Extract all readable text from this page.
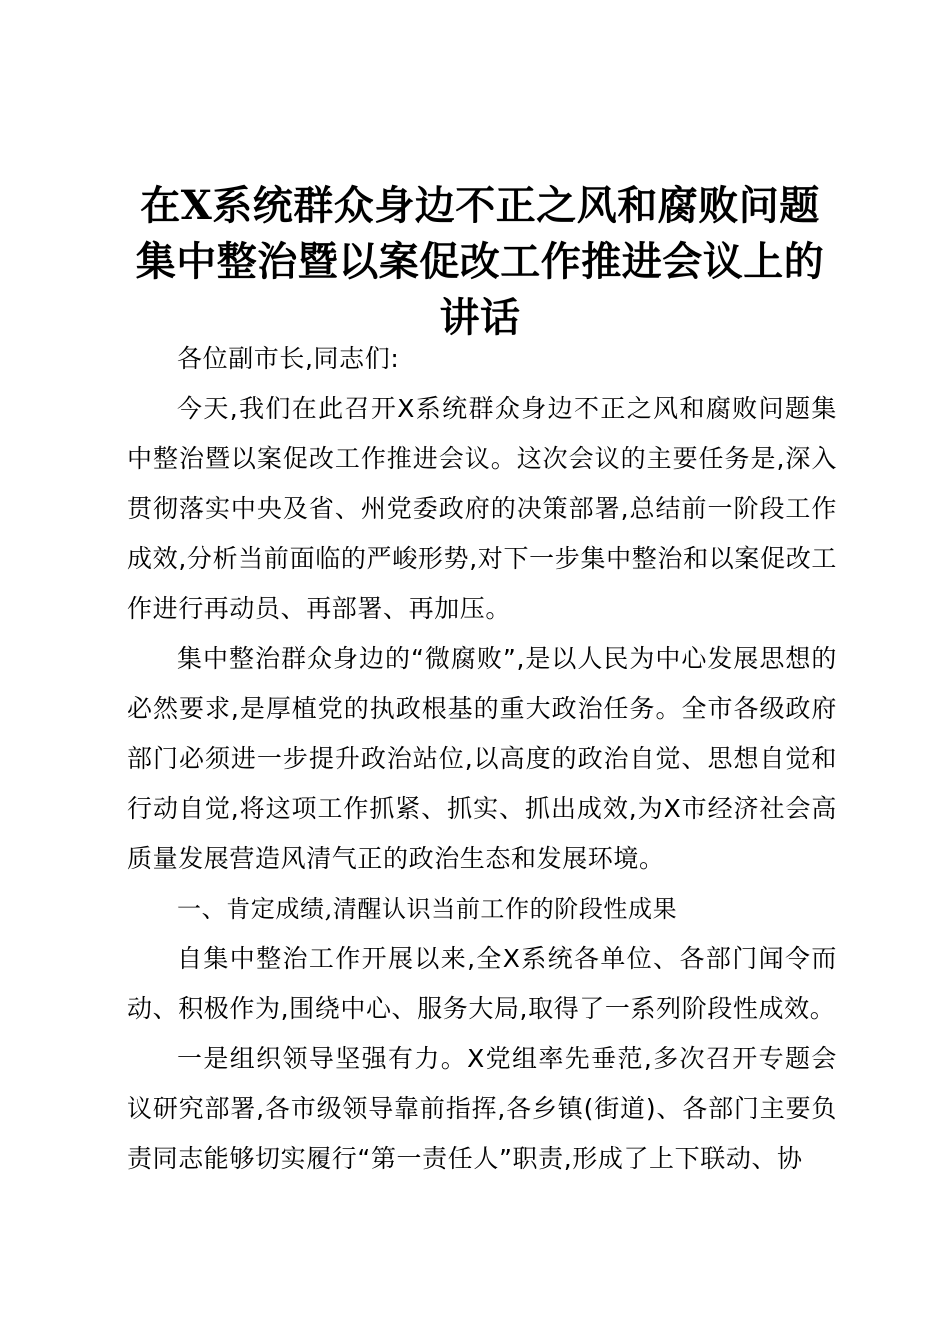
在X系统群众身边不正之风和腐败问题集中整治暨以案促改工作推进会议上的讲话

各位副市长,同志们:

今天,我们在此召开X系统群众身边不正之风和腐败问题集中整治暨以案促改工作推进会议。这次会议的主要任务是,深入贯彻落实中央及省、州党委政府的决策部署,总结前一阶段工作成效,分析当前面临的严峻形势,对下一步集中整治和以案促改工作进行再动员、再部署、再加压。

集中整治群众身边的“微腐败”,是以人民为中心发展思想的必然要求,是厚植党的执政根基的重大政治任务。全市各级政府部门必须进一步提升政治站位,以高度的政治自觉、思想自觉和行动自觉,将这项工作抓紧、抓实、抓出成效,为X市经济社会高质量发展营造风清气正的政治生态和发展环境。

一、肯定成绩,清醒认识当前工作的阶段性成果

自集中整治工作开展以来,全X系统各单位、各部门闻令而动、积极作为,围绕中心、服务大局,取得了一系列阶段性成效。

一是组织领导坚强有力。X党组率先垂范,多次召开专题会议研究部署,各市级领导靠前指挥,各乡镇(街道)、各部门主要负责同志能够切实履行“第一责任人”职责,形成了上下联动、协
